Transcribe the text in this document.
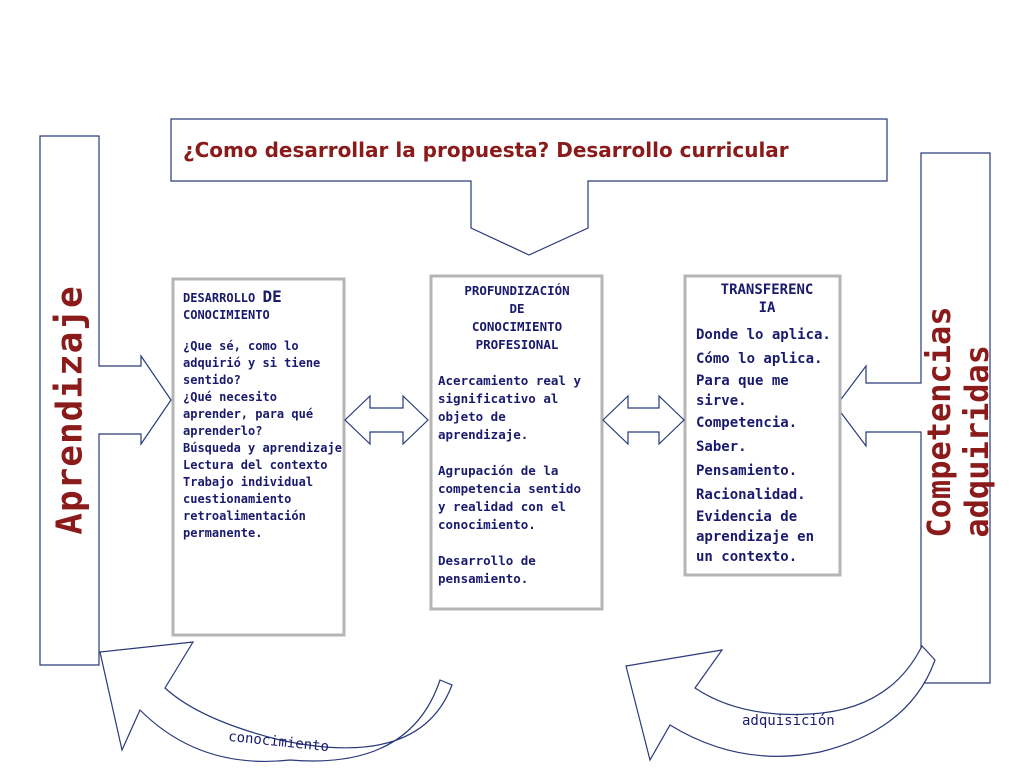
¿Como desarrollar la propuesta? Desarrollo curricular
Aprendizaje	Competencias adquiridas

DESARROLLO DE

CONOCIMIENTO

¿Que sé, como lo adquirió y si tiene sentido?

¿Qué necesito aprender, para qué aprenderlo?

Búsqueda y aprendizaje

Lectura del contexto

Trabajo individual

cuestionamiento

retroalimentación permanente.

PROFUNDIZACIÓN

DE

CONOCIMIENTO

PROFESIONAL

Acercamiento real y significativo al objeto de aprendizaje.

Agrupación de la competencia sentido y realidad con el conocimiento.

Desarrollo de pensamiento.

TRANSFERENC
IA

Donde lo aplica.

Cómo lo aplica.

Para que me sirve.

Competencia.

Saber.

Pensamiento.

Racionalidad.

Evidencia de aprendizaje en un contexto.

conocimiento
adquisición
